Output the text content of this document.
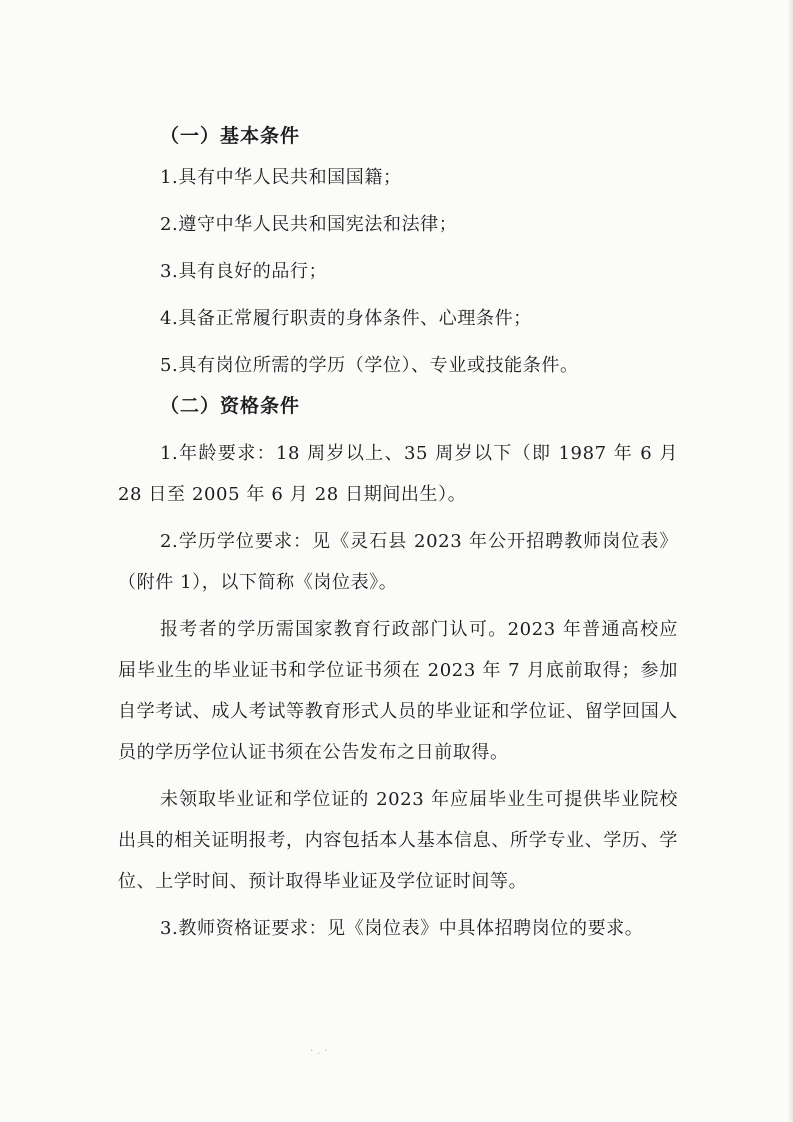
（一）基本条件

1.具有中华人民共和国国籍；

2.遵守中华人民共和国宪法和法律；

3.具有良好的品行；

4.具备正常履行职责的身体条件、心理条件；

5.具有岗位所需的学历（学位）、专业或技能条件。

（二）资格条件

1.年龄要求：18 周岁以上、35 周岁以下（即 1987 年 6 月 28 日至 2005 年 6 月 28 日期间出生）。

2.学历学位要求：见《灵石县 2023 年公开招聘教师岗位表》（附件 1），以下简称《岗位表》。

报考者的学历需国家教育行政部门认可。2023 年普通高校应届毕业生的毕业证书和学位证书须在 2023 年 7 月底前取得；参加自学考试、成人考试等教育形式人员的毕业证和学位证、留学回国人员的学历学位认证书须在公告发布之日前取得。

未领取毕业证和学位证的 2023 年应届毕业生可提供毕业院校出具的相关证明报考，内容包括本人基本信息、所学专业、学历、学位、上学时间、预计取得毕业证及学位证时间等。

3.教师资格证要求：见《岗位表》中具体招聘岗位的要求。

·.·
